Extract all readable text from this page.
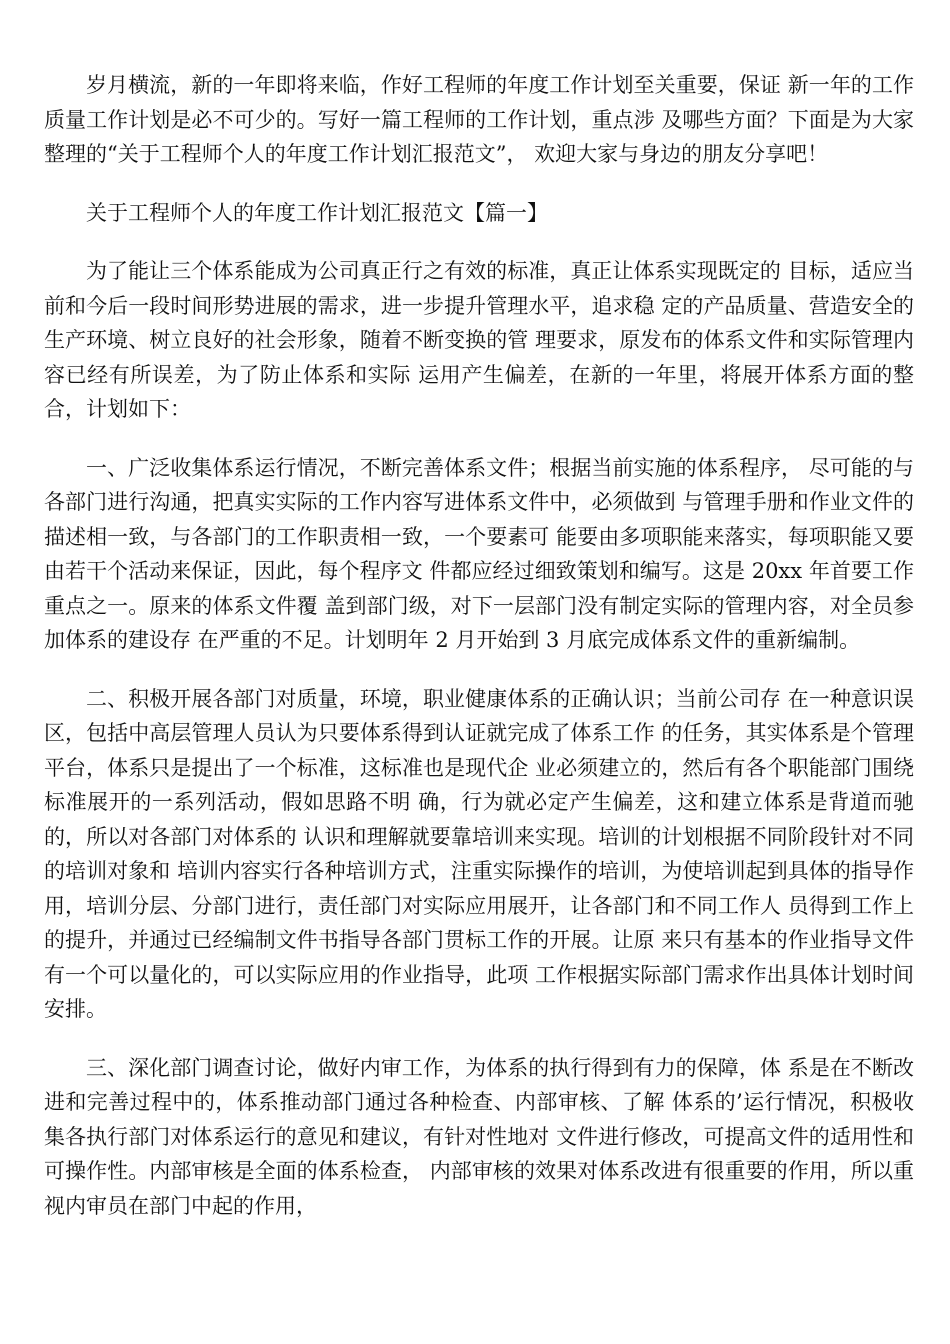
岁月横流，新的一年即将来临，作好工程师的年度工作计划至关重要，保证 新一年的工作质量工作计划是必不可少的。写好一篇工程师的工作计划，重点涉 及哪些方面？下面是为大家整理的“关于工程师个人的年度工作计划汇报范文”， 欢迎大家与身边的朋友分享吧！

关于工程师个人的年度工作计划汇报范文【篇一】

为了能让三个体系能成为公司真正行之有效的标准，真正让体系实现既定的 目标，适应当前和今后一段时间形势进展的需求，进一步提升管理水平，追求稳 定的产品质量、营造安全的生产环境、树立良好的社会形象，随着不断变换的管 理要求，原发布的体系文件和实际管理内容已经有所误差，为了防止体系和实际 运用产生偏差，在新的一年里，将展开体系方面的整合，计划如下：

一、广泛收集体系运行情况，不断完善体系文件；根据当前实施的体系程序， 尽可能的与各部门进行沟通，把真实实际的工作内容写进体系文件中，必须做到 与管理手册和作业文件的描述相一致，与各部门的工作职责相一致，一个要素可 能要由多项职能来落实，每项职能又要由若干个活动来保证，因此，每个程序文 件都应经过细致策划和编写。这是 20xx 年首要工作重点之一。原来的体系文件覆 盖到部门级，对下一层部门没有制定实际的管理内容，对全员参加体系的建设存 在严重的不足。计划明年 2 月开始到 3 月底完成体系文件的重新编制。

二、积极开展各部门对质量，环境，职业健康体系的正确认识；当前公司存 在一种意识误区，包括中高层管理人员认为只要体系得到认证就完成了体系工作 的任务，其实体系是个管理平台，体系只是提出了一个标准，这标准也是现代企 业必须建立的，然后有各个职能部门围绕标准展开的一系列活动，假如思路不明 确，行为就必定产生偏差，这和建立体系是背道而驰的，所以对各部门对体系的 认识和理解就要靠培训来实现。培训的计划根据不同阶段针对不同的培训对象和 培训内容实行各种培训方式，注重实际操作的培训，为使培训起到具体的指导作 用，培训分层、分部门进行，责任部门对实际应用展开，让各部门和不同工作人 员得到工作上的提升，并通过已经编制文件书指导各部门贯标工作的开展。让原 来只有基本的作业指导文件有一个可以量化的，可以实际应用的作业指导，此项 工作根据实际部门需求作出具体计划时间安排。

三、深化部门调查讨论，做好内审工作，为体系的执行得到有力的保障，体 系是在不断改进和完善过程中的，体系推动部门通过各种检查、内部审核、了解 体系的’运行情况，积极收集各执行部门对体系运行的意见和建议，有针对性地对 文件进行修改，可提高文件的适用性和可操作性。内部审核是全面的体系检查， 内部审核的效果对体系改进有很重要的作用，所以重视内审员在部门中起的作用，
